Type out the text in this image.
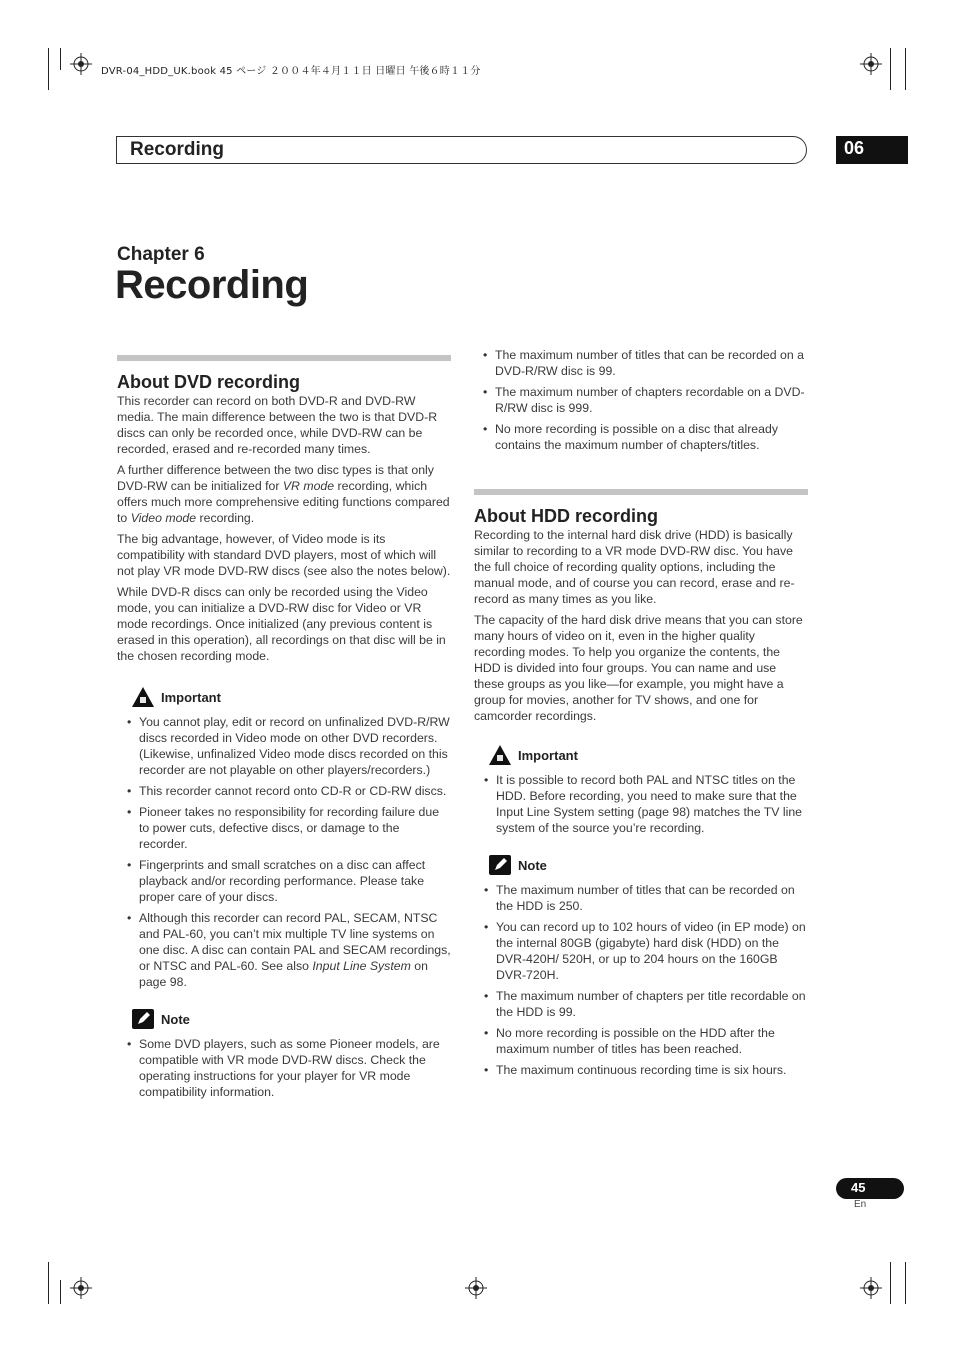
DVR-04_HDD_UK.book 45 ページ ２００４年４月１１日 日曜日 午後６時１１分
Recording	06
Chapter 6
Recording
About DVD recording

This recorder can record on both DVD-R and DVD-RW media. The main difference between the two is that DVD-R discs can only be recorded once, while DVD-RW can be recorded, erased and re-recorded many times.

A further difference between the two disc types is that only DVD-RW can be initialized for VR mode recording, which offers much more comprehensive editing functions compared to Video mode recording.

The big advantage, however, of Video mode is its compatibility with standard DVD players, most of which will not play VR mode DVD-RW discs (see also the notes below).

While DVD-R discs can only be recorded using the Video mode, you can initialize a DVD-RW disc for Video or VR mode recordings. Once initialized (any previous content is erased in this operation), all recordings on that disc will be in the chosen recording mode.

Important
• You cannot play, edit or record on unfinalized DVD-R/RW discs recorded in Video mode on other DVD recorders. (Likewise, unfinalized Video mode discs recorded on this recorder are not playable on other players/recorders.)
• This recorder cannot record onto CD-R or CD-RW discs.
• Pioneer takes no responsibility for recording failure due to power cuts, defective discs, or damage to the recorder.
• Fingerprints and small scratches on a disc can affect playback and/or recording performance. Please take proper care of your discs.
• Although this recorder can record PAL, SECAM, NTSC and PAL-60, you can’t mix multiple TV line systems on one disc. A disc can contain PAL and SECAM recordings, or NTSC and PAL-60. See also Input Line System on page 98.
Note
• Some DVD players, such as some Pioneer models, are compatible with VR mode DVD-RW discs. Check the operating instructions for your player for VR mode compatibility information.
• The maximum number of titles that can be recorded on a DVD-R/RW disc is 99.
• The maximum number of chapters recordable on a DVD-R/RW disc is 999.
• No more recording is possible on a disc that already contains the maximum number of chapters/titles.
About HDD recording

Recording to the internal hard disk drive (HDD) is basically similar to recording to a VR mode DVD-RW disc. You have the full choice of recording quality options, including the manual mode, and of course you can record, erase and re-record as many times as you like.

The capacity of the hard disk drive means that you can store many hours of video on it, even in the higher quality recording modes. To help you organize the contents, the HDD is divided into four groups. You can name and use these groups as you like—for example, you might have a group for movies, another for TV shows, and one for camcorder recordings.

Important
• It is possible to record both PAL and NTSC titles on the HDD. Before recording, you need to make sure that the Input Line System setting (page 98) matches the TV line system of the source you’re recording.
Note
• The maximum number of titles that can be recorded on the HDD is 250.
• You can record up to 102 hours of video (in EP mode) on the internal 80GB (gigabyte) hard disk (HDD) on the DVR-420H/ 520H, or up to 204 hours on the 160GB DVR-720H.
• The maximum number of chapters per title recordable on the HDD is 99.
• No more recording is possible on the HDD after the maximum number of titles has been reached.
• The maximum continuous recording time is six hours.
45
En
